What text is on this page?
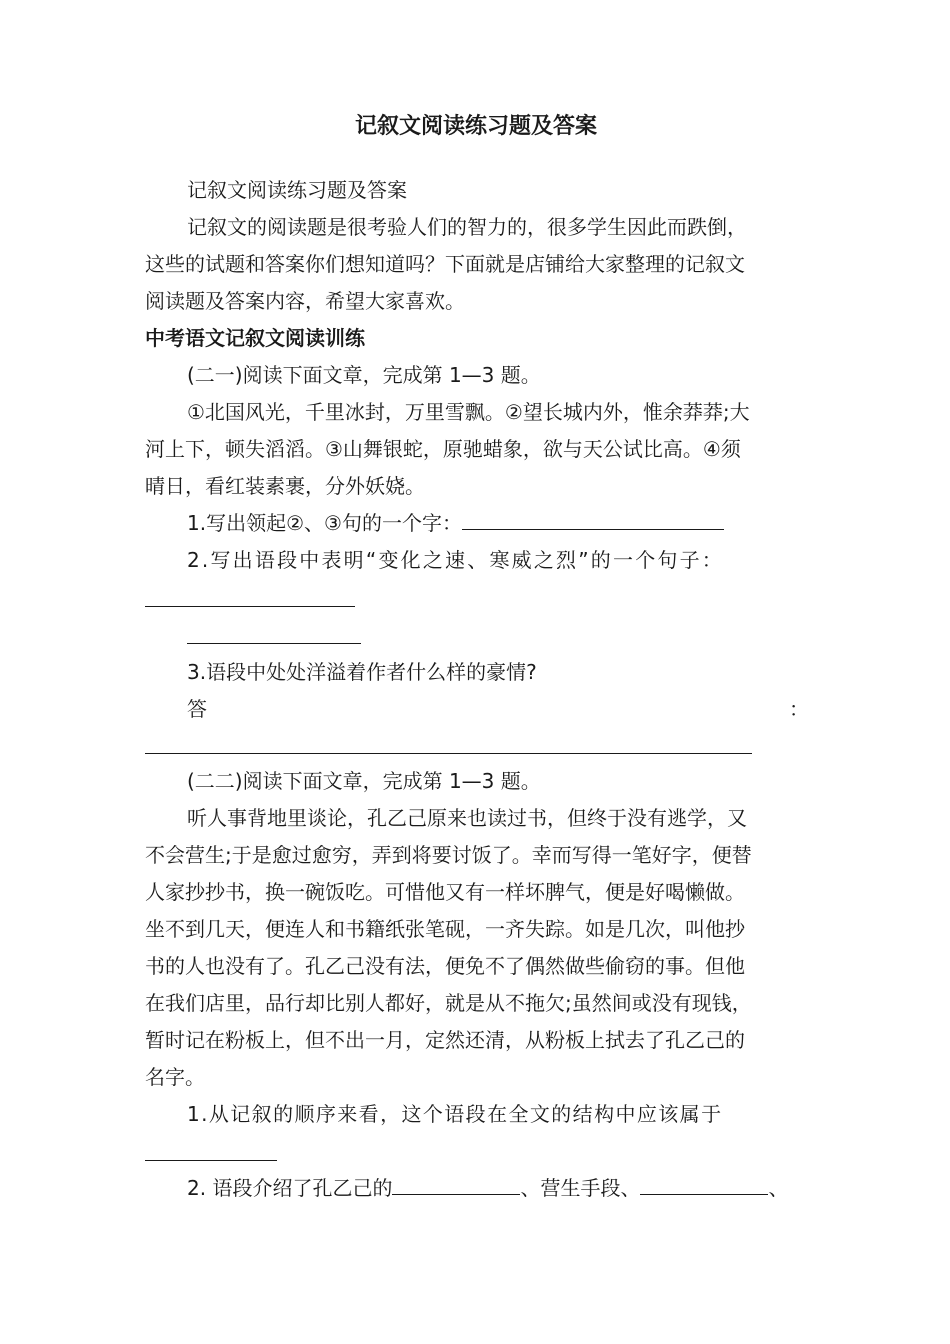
记叙文阅读练习题及答案
记叙文阅读练习题及答案
记叙文的阅读题是很考验人们的智力的，很多学生因此而跌倒，
这些的试题和答案你们想知道吗？下面就是店铺给大家整理的记叙文
阅读题及答案内容，希望大家喜欢。
中考语文记叙文阅读训练
(二一)阅读下面文章，完成第 1—3 题。
①北国风光，千里冰封，万里雪飘。②望长城内外，惟余莽莽;大
河上下，顿失滔滔。③山舞银蛇，原驰蜡象，欲与天公试比高。④须
晴日，看红装素裹，分外妖娆。
1.写出领起②、③句的一个字：
2.写出语段中表明“变化之速、寒威之烈”的一个句子：
3.语段中处处洋溢着作者什么样的豪情?
答	：
(二二)阅读下面文章，完成第 1—3 题。
听人事背地里谈论，孔乙己原来也读过书，但终于没有逃学，又
不会营生;于是愈过愈穷，弄到将要讨饭了。幸而写得一笔好字，便替
人家抄抄书，换一碗饭吃。可惜他又有一样坏脾气，便是好喝懒做。
坐不到几天，便连人和书籍纸张笔砚，一齐失踪。如是几次，叫他抄
书的人也没有了。孔乙己没有法，便免不了偶然做些偷窃的事。但他
在我们店里，品行却比别人都好，就是从不拖欠;虽然间或没有现钱，
暂时记在粉板上，但不出一月，定然还清，从粉板上拭去了孔乙己的
名字。
1.从记叙的顺序来看，这个语段在全文的结构中应该属于
2. 语段介绍了孔乙己的	、营生手段、	、
